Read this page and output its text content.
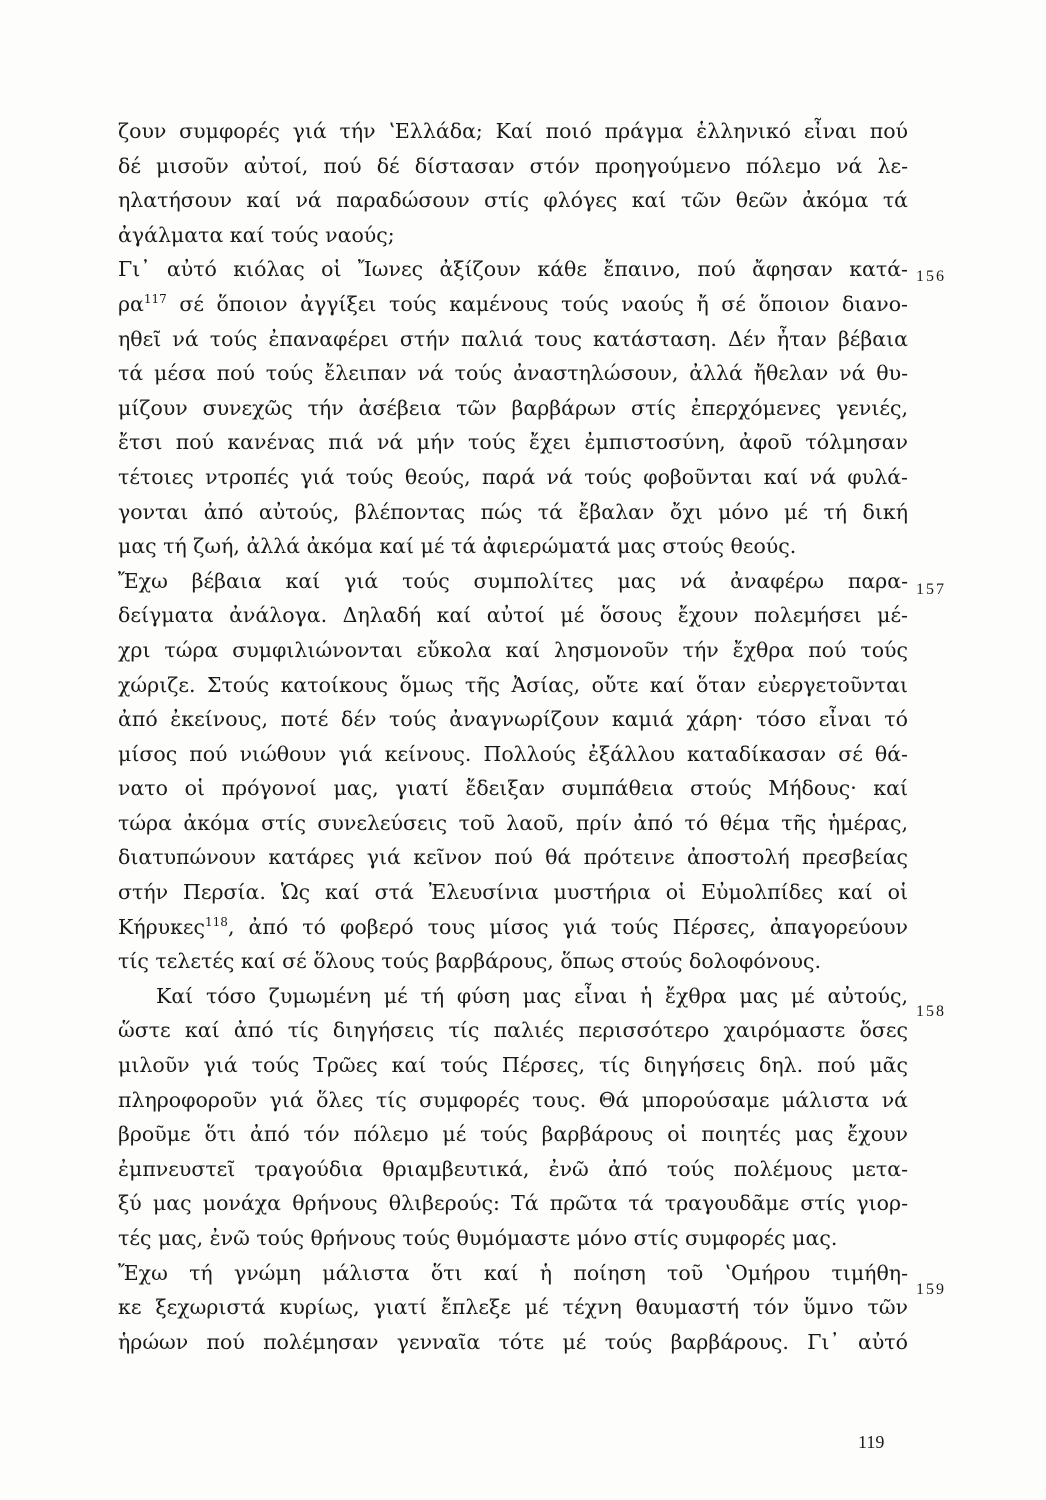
ζουν συμφορές γιά τήν ʽΕλλάδα; Καί ποιό πράγμα ἑλληνικό εἶναι πού
δέ μισοῦν αὐτοί, πού δέ δίστασαν στόν προηγούμενο πόλεμο νά λε-
ηλατήσουν καί νά παραδώσουν στίς φλόγες καί τῶν θεῶν ἀκόμα τά
ἀγάλματα καί τούς ναούς;
Γι᾽ αὐτό κιόλας οἱ Ἴωνες ἀξίζουν κάθε ἔπαινο, πού ἄφησαν κατά-
$\rho\alpha^{117}$ σέ ὅποιον ἀγγίξει τούς καμένους τούς ναούς ἤ σέ ὅποιον διανο-
ηθεῖ νά τούς ἐπαναφέρει στήν παλιά τους κατάσταση. Δέν ἦταν βέβαια
τά μέσα πού τούς ἔλειπαν νά τούς ἀναστηλώσουν, ἀλλά ἤθελαν νά θυ-
μίζουν συνεχῶς τήν ἀσέβεια τῶν βαρβάρων στίς ἐπερχόμενες γενιές,
ἔτσι πού κανένας πιά νά μήν τούς ἔχει ἐμπιστοσύνη, ἀφοῦ τόλμησαν
τέτοιες ντροπές γιά τούς θεούς, παρά νά τούς φοβοῦνται καί νά φυλά-
γονται ἀπό αὐτούς, βλέποντας πώς τά ἔβαλαν ὄχι μόνο μέ τή δική
μας τή ζωή, ἀλλά ἀκόμα καί μέ τά ἀφιερώματά μας στούς θεούς.
Ἔχω βέβαια καί γιά τούς συμπολίτες μας νά ἀναφέρω παρα-
δείγματα ἀνάλογα. Δηλαδή καί αὐτοί μέ ὅσους ἔχουν πολεμήσει μέ-
χρι τώρα συμφιλιώνονται εὔκολα καί λησμονοῦν τήν ἔχθρα πού τούς
χώριζε. Στούς κατοίκους ὅμως τῆς Ἀσίας, οὔτε καί ὅταν εὐεργετοῦνται
ἀπό ἐκείνους, ποτέ δέν τούς ἀναγνωρίζουν καμιά χάρη· τόσο εἶναι τό
μίσος πού νιώθουν γιά κείνους. Πολλούς ἐξάλλου καταδίκασαν σέ θά-
νατο οἱ πρόγονοί μας, γιατί ἔδειξαν συμπάθεια στούς Μήδους· καί
τώρα ἀκόμα στίς συνελεύσεις τοῦ λαοῦ, πρίν ἀπό τό θέμα τῆς ἡμέρας,
διατυπώνουν κατάρες γιά κεῖνον πού θά πρότεινε ἀποστολή πρεσβείας
στήν Περσία. Ὡς καί στά Ἐλευσίνια μυστήρια οἱ Εὐμολπίδες καί οἱ
Κήρυκες$^{118}$, ἀπό τό φοβερό τους μίσος γιά τούς Πέρσες, ἀπαγορεύουν
τίς τελετές καί σέ ὅλους τούς βαρβάρους, ὅπως στούς δολοφόνους.
Καί τόσο ζυμωμένη μέ τή φύση μας εἶναι ἡ ἔχθρα μας μέ αὐτούς,
ὥστε καί ἀπό τίς διηγήσεις τίς παλιές περισσότερο χαιρόμαστε ὅσες
μιλοῦν γιά τούς Τρῶες καί τούς Πέρσες, τίς διηγήσεις δηλ. πού μᾶς
πληροφοροῦν γιά ὅλες τίς συμφορές τους. Θά μπορούσαμε μάλιστα νά
βροῦμε ὅτι ἀπό τόν πόλεμο μέ τούς βαρβάρους οἱ ποιητές μας ἔχουν
ἐμπνευστεῖ τραγούδια θριαμβευτικά, ἐνῶ ἀπό τούς πολέμους μετα-
ξύ μας μονάχα θρήνους θλιβερούς: Τά πρῶτα τά τραγουδᾶμε στίς γιορ-
τές μας, ἐνῶ τούς θρήνους τούς θυμόμαστε μόνο στίς συμφορές μας.
Ἔχω τή γνώμη μάλιστα ὅτι καί ἡ ποίηση τοῦ ʽΟμήρου τιμήθη-
κε ξεχωριστά κυρίως, γιατί ἔπλεξε μέ τέχνη θαυμαστή τόν ὕμνο τῶν
ἡρώων πού πολέμησαν γενναῖα τότε μέ τούς βαρβάρους. Γι᾽ αὐτό
156
157
158
159
119
